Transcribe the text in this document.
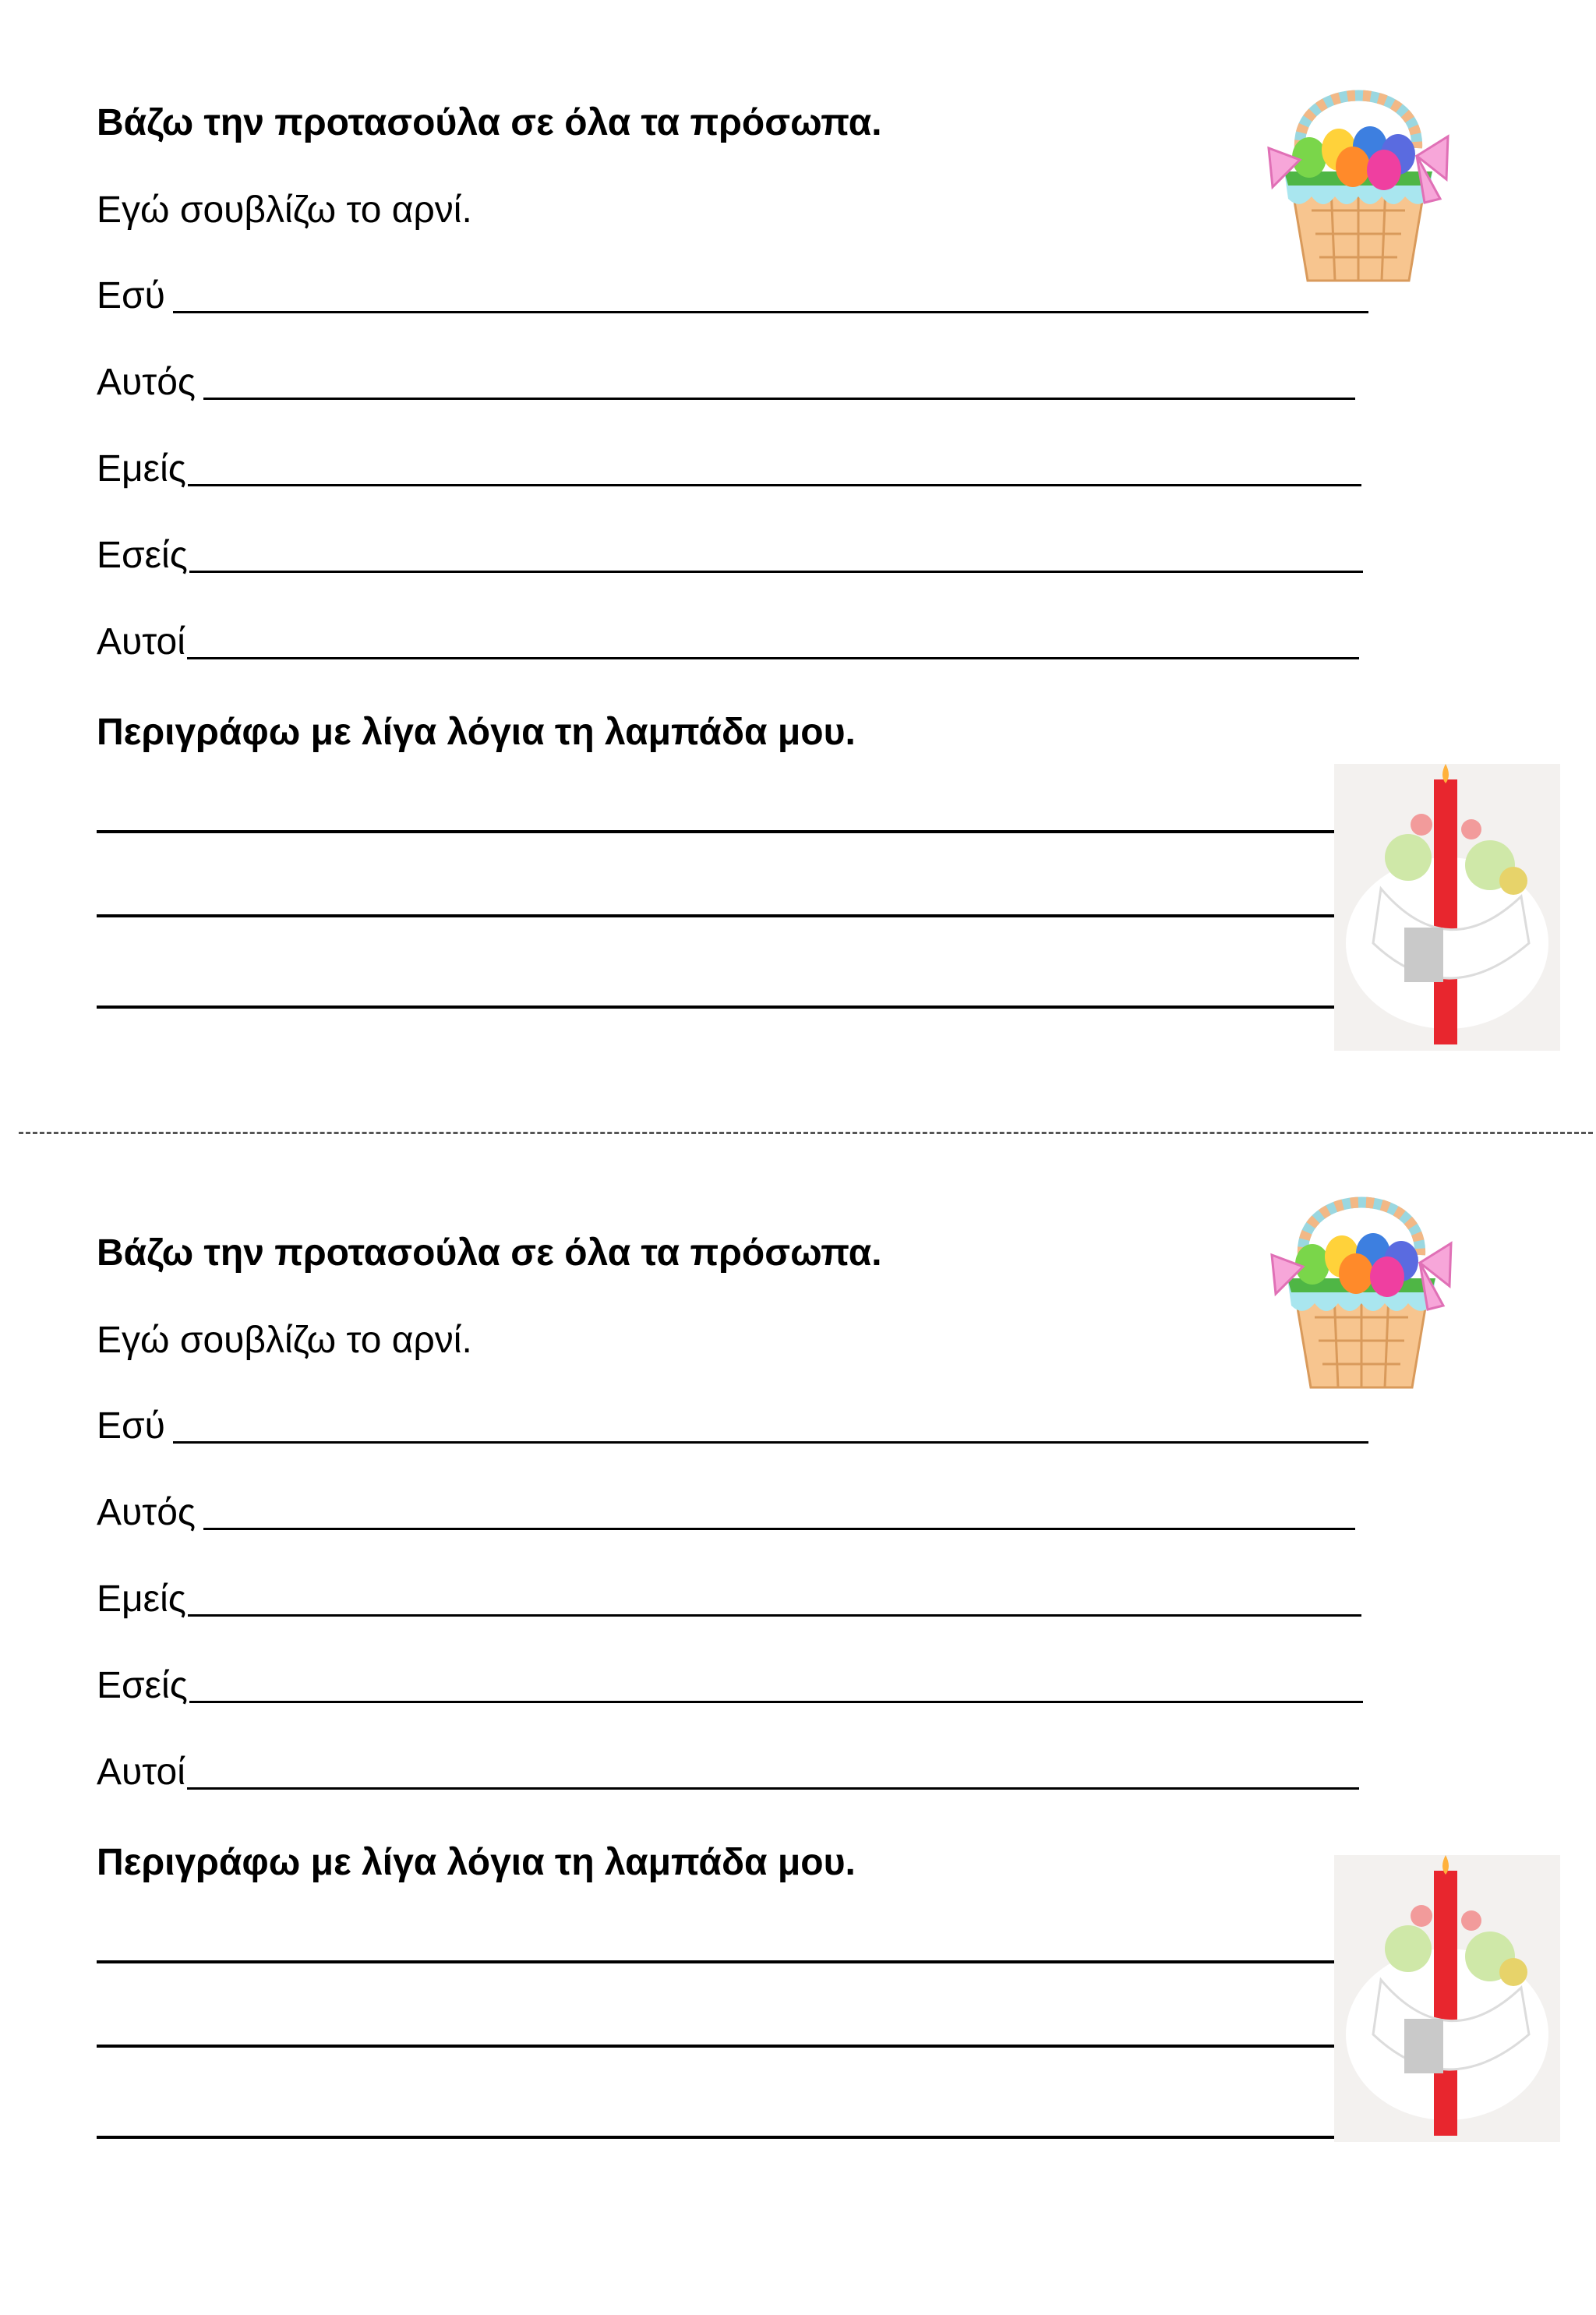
Βάζω την προτασούλα σε όλα τα πρόσωπα.
Εγώ σουβλίζω το αρνί.
Εσύ
Αυτός
Εμείς
Εσείς
Αυτοί
Περιγράφω με λίγα λόγια τη λαμπάδα μου.
Βάζω την προτασούλα σε όλα τα πρόσωπα.
Εγώ σουβλίζω το αρνί.
Εσύ
Αυτός
Εμείς
Εσείς
Αυτοί
Περιγράφω με λίγα λόγια τη λαμπάδα μου.
